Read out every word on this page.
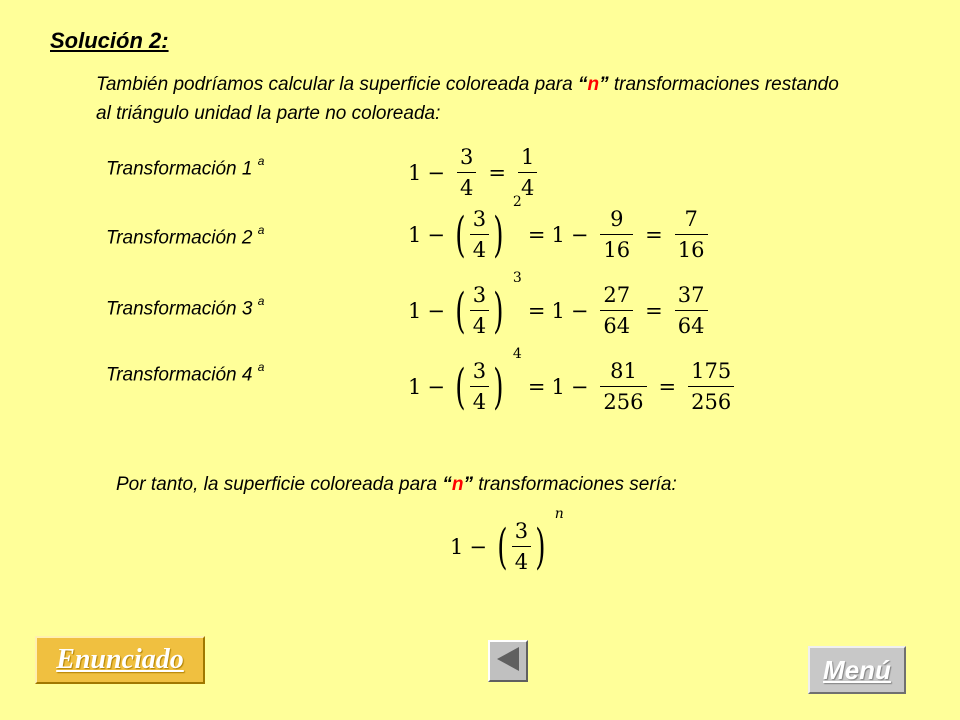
Solución 2:
También podríamos calcular la superficie coloreada para “n” transformaciones restando al triángulo unidad la parte no coloreada:
Transformación 1 $^a$
Transformación 2 $^a$
Transformación 3 $^a$
Transformación 4 $^a$
$1 - \frac{3}{4} = \frac{1}{4}$
1 − ( $\frac{3}{4}$ )
2
= $1 - \frac{9}{16} = \frac{7}{16}$
1 − ( $\frac{3}{4}$ )
3
= $1 - \frac{27}{64} = \frac{37}{64}$
1 − ( $\frac{3}{4}$ )
4
= $1 - \frac{81}{256} = \frac{175}{256}$
Por tanto, la superficie coloreada para “n” transformaciones sería:
1 − ( $\frac{3}{4}$ )
n
Enunciado	Menú
